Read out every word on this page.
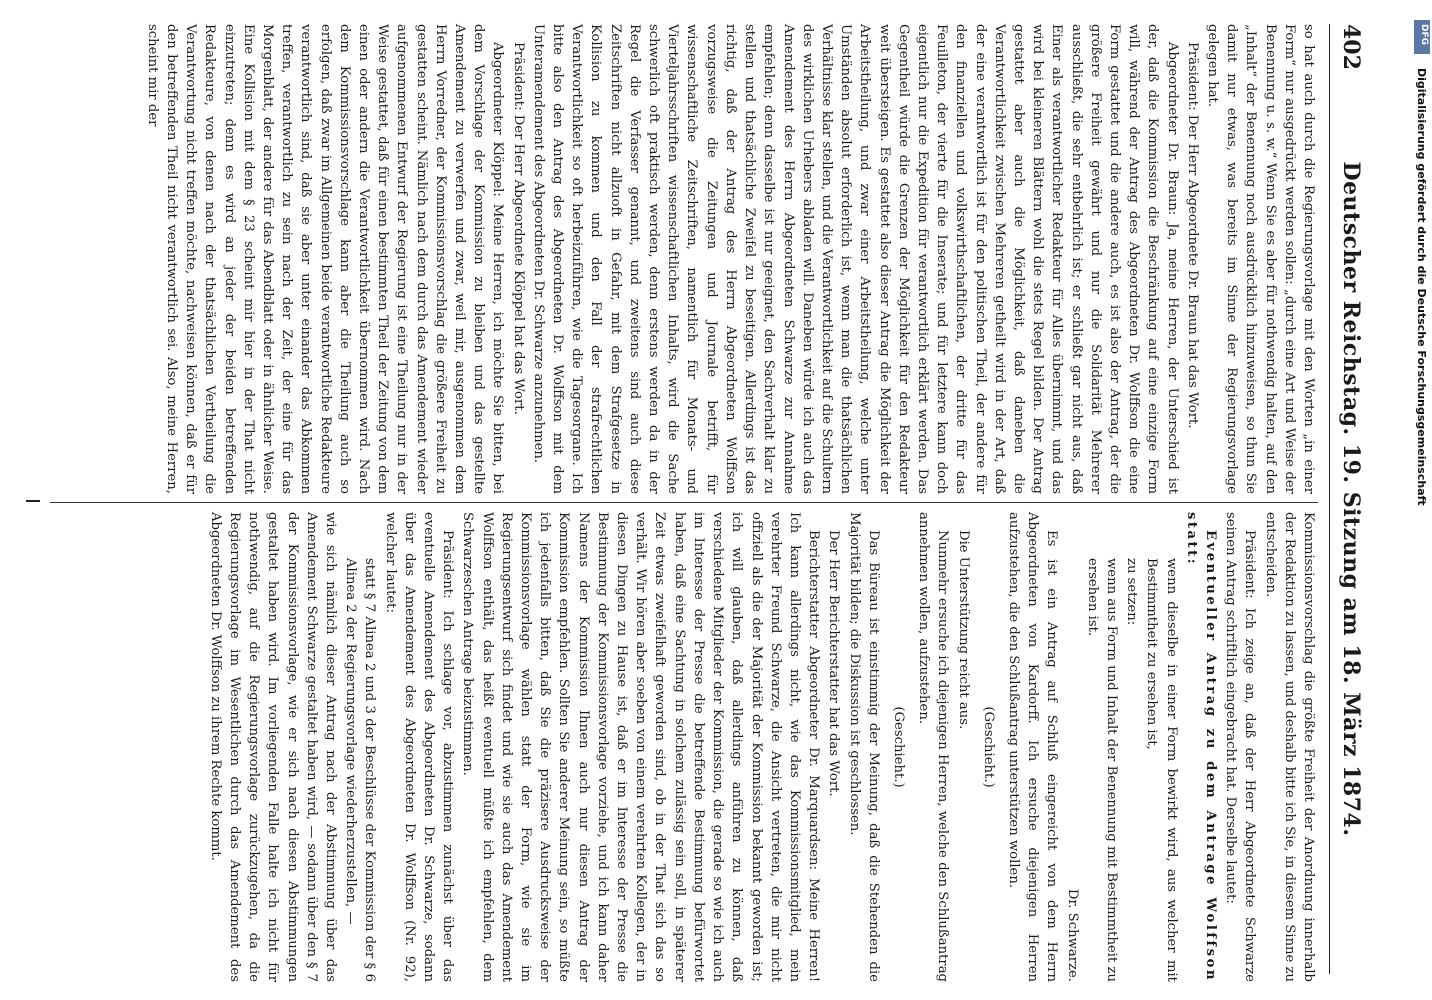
402
Deutscher Reichstag. 19. Sitzung am 18. März 1874.

so hat auch durch die Regierungsvorlage mit den Worten „in einer Form“ nur ausgedrückt werden sollen: „durch eine Art und Weise der Benennung u. s. w.“ Wenn Sie es aber für nothwendig halten, auf den „Inhalt“ der Benennung noch ausdrücklich hinzuweisen, so thun Sie damit nur etwas, was bereits im Sinne der Regierungsvorlage gelegen hat.

Präsident: Der Herr Abgeordnete Dr. Braun hat das Wort.

Abgeordneter Dr. Braun: Ja, meine Herren, der Unterschied ist der, daß die Kommission die Beschränkung auf eine einzige Form will, während der Antrag des Abgeordneten Dr. Wolffson die eine Form gestattet und die andere auch, es ist also der Antrag, der die größere Freiheit gewährt und nur die Solidarität Mehrerer ausschließt, die sehr entbehrlich ist; er schließt gar nicht aus, daß Einer als verantwortlicher Redakteur für Alles übernimmt, und das wird bei kleineren Blättern wohl die stets Regel bilden. Der Antrag gestattet aber auch die Möglichkeit, daß daneben die Verantwortlichkeit zwischen Mehreren getheilt wird in der Art, daß der eine verantwortlich ist für den politischen Theil, der andere für den finanziellen und volkswirthschaftlichen, der dritte für das Feuilleton, der vierte für die Inserate; und für letztere kann doch eigentlich nur die Expedition für verantwortlich erklärt werden. Das Gegentheil würde die Grenzen der Möglichkeit für den Redakteur weit übersteigen. Es gestattet also dieser Antrag die Möglichkeit der Arbeitstheilung, und zwar einer Arbeitstheilung, welche unter Umständen absolut erforderlich ist, wenn man die thatsächlichen Verhältnisse klar stellen, und die Verantwortlichkeit auf die Schultern des wirklichen Urhebers abladen will. Daneben würde ich auch das Amendement des Herrn Abgeordneten Schwarze zur Annahme empfehlen; denn dasselbe ist nur geeignet, den Sachverhalt klar zu stellen und thatsächliche Zweifel zu beseitigen. Allerdings ist das richtig, daß der Antrag des Herrn Abgeordneten Wolffson vorzugsweise die Zeitungen und Journale betrifft, für wissenschaftliche Zeitschriften, namentlich für Monats- und Vierteljahrsschriften wissenschaftlichen Inhalts, wird die Sache schwerlich oft praktisch werden, denn erstens werden da in der Regel die Verfasser genannt, und zweitens sind auch diese Zeitschriften nicht allzuoft in Gefahr, mit dem Strafgesetze in Kollision zu kommen und den Fall der strafrechtlichen Verantwortlichkeit so oft herbeizuführen, wie die Tagesorgane. Ich bitte also den Antrag des Abgeordneten Dr. Wolffson mit dem Unteramendement des Abgeordneten Dr. Schwarze anzunehmen.

Präsident: Der Herr Abgeordnete Klöppel hat das Wort.

Abgeordneter Klöppel: Meine Herren, ich möchte Sie bitten, bei dem Vorschlage der Kommission zu bleiben und das gestellte Amendement zu verwerfen und zwar, weil mir, ausgenommen dem Herrn Vorredner, der Kommissionsvorschlag die größere Freiheit zu gestatten scheint. Nämlich nach dem durch das Amendement wieder aufgenommenen Entwurf der Regierung ist eine Theilung nur in der Weise gestattet, daß für einen bestimmten Theil der Zeitung von dem einen oder andern die Verantwortlichkeit übernommen wird. Nach dem Kommissionsvorschlage kann aber die Theilung auch so erfolgen, daß zwar im Allgemeinen beide verantwortliche Redakteure verantwortlich sind, daß sie aber unter einander das Abkommen treffen, verantwortlich zu sein nach der Zeit, der eine für das Morgenblatt, der andere für das Abendblatt oder in ähnlicher Weise. Eine Kollision mit dem § 23 scheint mir hier in der That nicht einzutreten; denn es wird an jeder der beiden betreffenden Redakteure, von denen nach der thatsächlichen Vertheilung die Verantwortung nicht treffen möchte, nachweisen können, daß er für den betreffenden Theil nicht verantwortlich sei. Also, meine Herren, scheint mir der

Kommissionsvorschlag die größte Freiheit der Anordnung innerhalb der Redaktion zu lassen, und deshalb bitte ich Sie, in diesem Sinne zu entscheiden.

Präsident: Ich zeige an, daß der Herr Abgeordnete Schwarze seinen Antrag schriftlich eingebracht hat. Derselbe lautet:

Eventueller Antrag zu dem Antrage Wolffson statt:

wenn dieselbe in einer Form bewirkt wird, aus welcher mit Bestimmtheit zu ersehen ist,

zu setzen:

wenn aus Form und Inhalt der Benennung mit Bestimmtheit zu ersehen ist.

Dr. Schwarze.

Es ist ein Antrag auf Schluß eingereicht von dem Herrn Abgeordneten von Kardorff. Ich ersuche diejenigen Herren aufzustehen, die den Schlußantrag unterstützen wollen.

(Geschieht.)

Die Unterstützung reicht aus.

Nunmehr ersuche ich diejenigen Herren, welche den Schlußantrag annehmen wollen, aufzustehen.

(Geschieht.)

Das Büreau ist einstimmig der Meinung, daß die Stehenden die Majorität bilden; die Diskussion ist geschlossen.

Der Herr Berichterstatter hat das Wort.

Berichterstatter Abgeordneter Dr. Marquardsen: Meine Herren! Ich kann allerdings nicht, wie das Kommissionsmitglied, mein verehrter Freund Schwarze, die Ansicht vertreten, die mir nicht offiziell als die der Majorität der Kommission bekannt geworden ist; ich will glauben, daß allerdings anführen zu können, daß verschiedene Mitglieder der Kommission, die gerade so wie ich auch im Interesse der Presse die betreffende Bestimmung befürwortet haben, daß eine Sachtung in solchem zulässig sein soll, in späterer Zeit etwas zweifelhaft geworden sind, ob in der That sich das so verhält. Wir hören aber soeben von einem verehrten Kollegen, der in diesen Dingen zu Hause ist, daß er im Interesse der Presse die Bestimmung der Kommissionsvorlage vorziehe, und ich kann daher Namens der Kommission Ihnen auch nur diesen Antrag der Kommission empfehlen. Sollten Sie anderer Meinung sein, so müßte ich jedenfalls bitten, daß Sie die präzisere Ausdrucksweise der Kommissionsvorlage wählen statt der Form, wie sie im Regierungsentwurf sich findet und wie sie auch das Amendement Wolffson enthält, das heißt eventuell müßte ich empfehlen, dem Schwarzeschen Antrage beizustimmen.

Präsident: Ich schlage vor, abzustimmen zunächst über das eventuelle Amendement des Abgeordneten Dr. Schwarze, sodann über das Amendement des Abgeordneten Dr. Wolffson (Nr. 92), welcher lautet:

statt § 7 Alinea 2 und 3 der Beschlüsse der Kommission der § 6 Alinea 2 der Regierungsvorlage wiederherzustellen, —

wie sich nämlich dieser Antrag nach der Abstimmung über das Amendement Schwarze gestaltet haben wird, — sodann über den § 7 der Kommissionsvorlage, wie er sich nach diesen Abstimmungen gestaltet haben wird. Im vorliegenden Falle halte ich nicht für nothwendig, auf die Regierungsvorlage zurückzugehen, da die Regierungsvorlage im Wesentlichen durch das Amendement des Abgeordneten Dr. Wolffson zu ihrem Rechte kommt.

DFG
Digitalisierung gefördert durch die Deutsche Forschungsgemeinschaft
